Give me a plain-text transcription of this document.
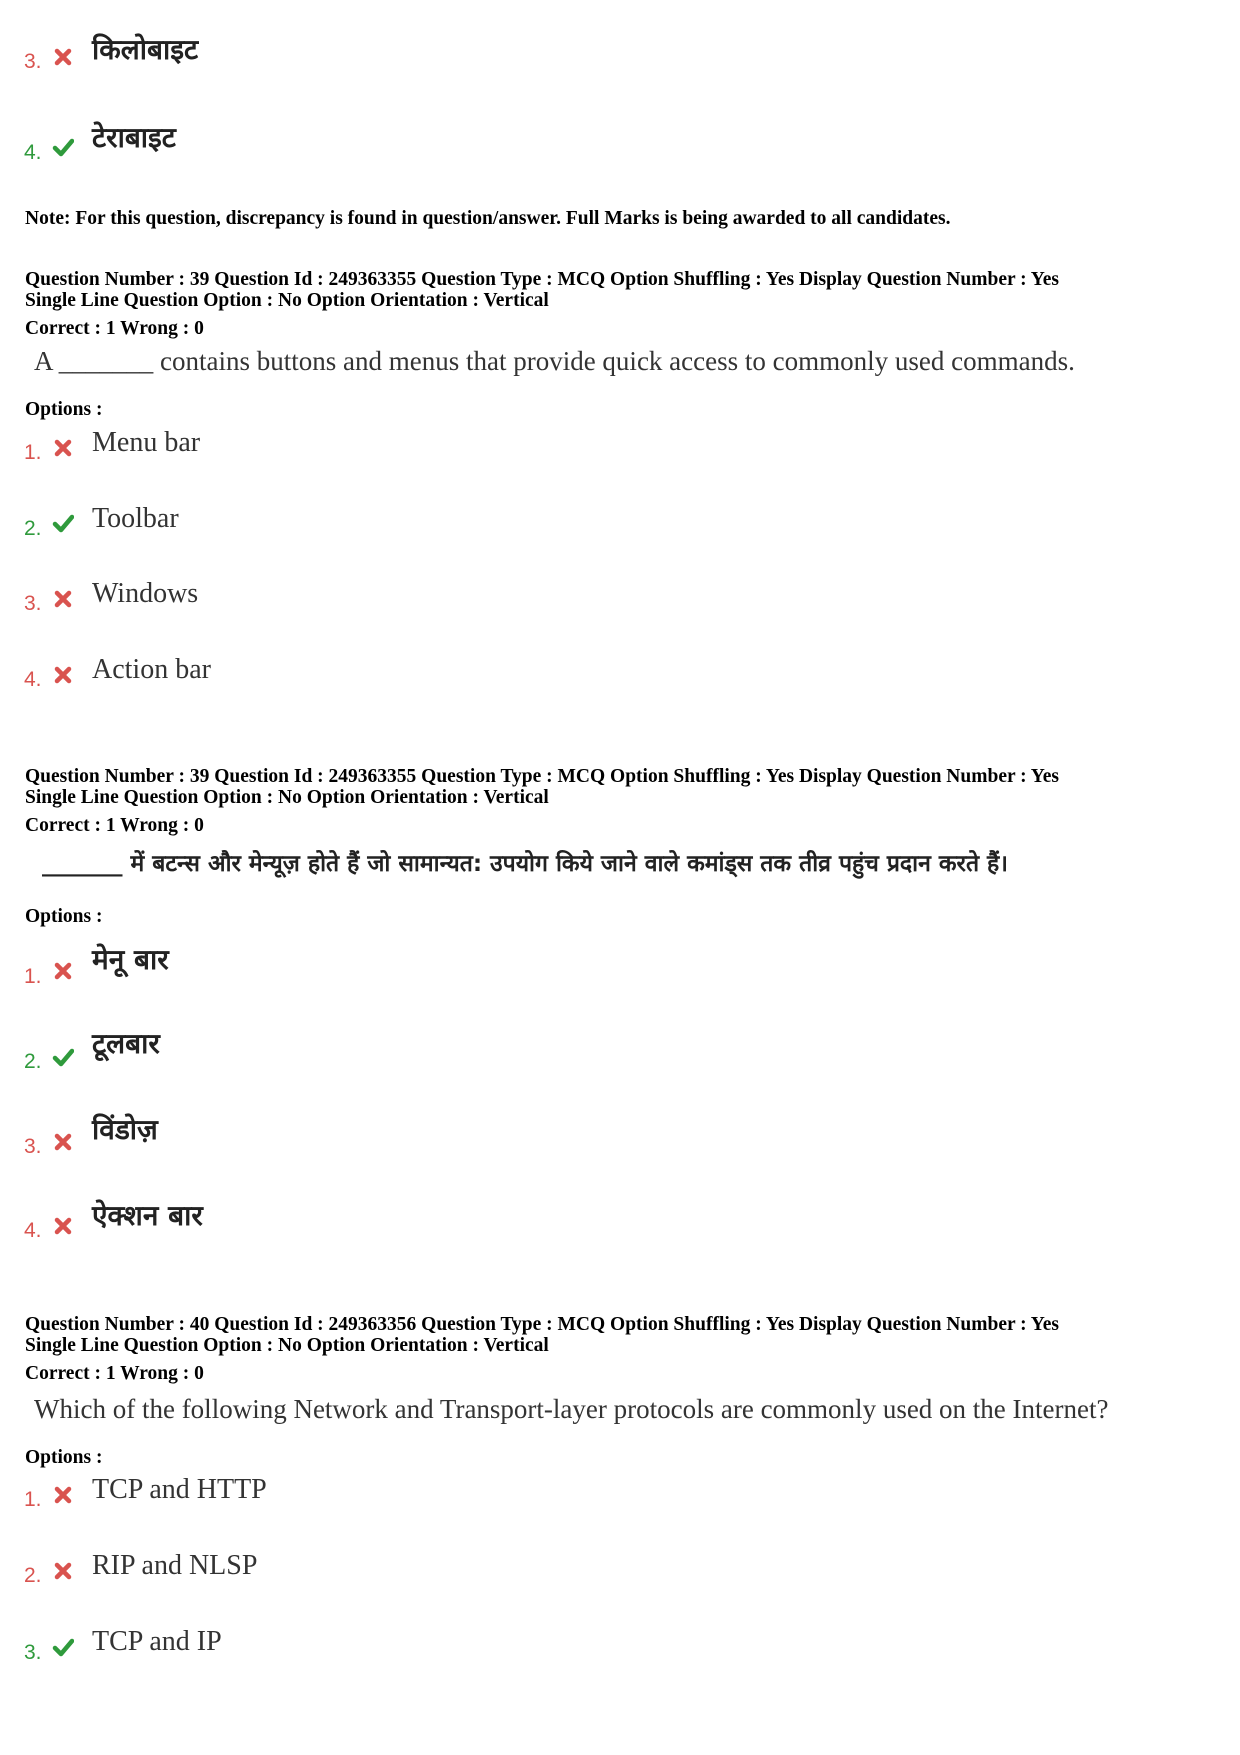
3. किलोबाइट
4. टेराबाइट
Note: For this question, discrepancy is found in question/answer. Full Marks is being awarded to all candidates.
Question Number : 39 Question Id : 249363355 Question Type : MCQ Option Shuffling : Yes Display Question Number : Yes
Single Line Question Option : No Option Orientation : Vertical
Correct : 1 Wrong : 0
A _______ contains buttons and menus that provide quick access to commonly used commands.
Options :
1. Menu bar
2. Toolbar
3. Windows
4. Action bar
Question Number : 39 Question Id : 249363355 Question Type : MCQ Option Shuffling : Yes Display Question Number : Yes
Single Line Question Option : No Option Orientation : Vertical
Correct : 1 Wrong : 0
_______ में बटन्स और मेन्यूज़ होते हैं जो सामान्यत: उपयोग किये जाने वाले कमांड्स तक तीव्र पहुंच प्रदान करते हैं।
Options :
1.
मेनू बार
2.
टूलबार
3.
विंडोज़
4. ऐक्शन बार
Question Number : 40 Question Id : 249363356 Question Type : MCQ Option Shuffling : Yes Display Question Number : Yes
Single Line Question Option : No Option Orientation : Vertical
Correct : 1 Wrong : 0
Which of the following Network and Transport-layer protocols are commonly used on the Internet?
Options :
1. TCP and HTTP
2. RIP and NLSP
3. TCP and IP
